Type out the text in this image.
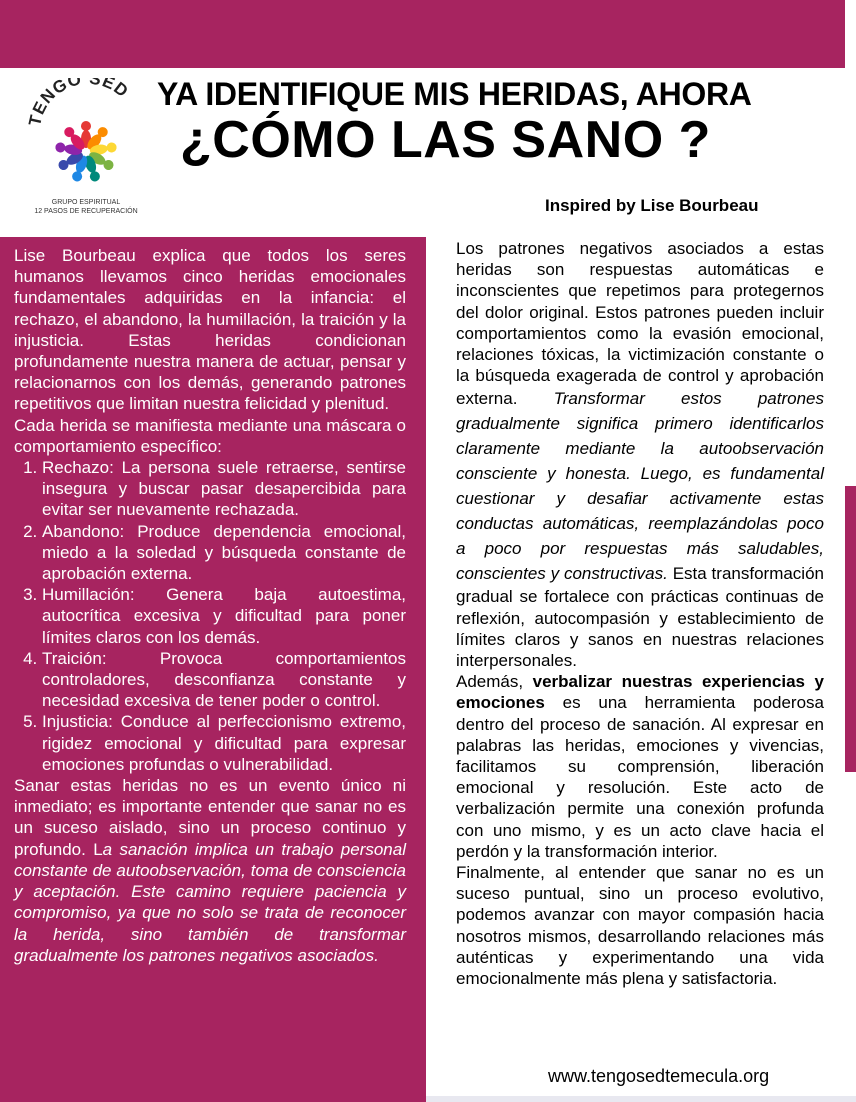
TENGO SED
GRUPO ESPIRITUAL
12 PASOS DE RECUPERACIÓN
YA IDENTIFIQUE MIS HERIDAS, AHORA
¿CÓMO LAS SANO ?
Inspired by Lise Bourbeau

Lise Bourbeau explica que todos los seres humanos llevamos cinco heridas emocionales fundamentales adquiridas en la infancia: el rechazo, el abandono, la humillación, la traición y la injusticia. Estas heridas condicionan profundamente nuestra manera de actuar, pensar y relacionarnos con los demás, generando patrones repetitivos que limitan nuestra felicidad y plenitud.

Cada herida se manifiesta mediante una máscara o comportamiento específico:

1. Rechazo: La persona suele retraerse, sentirse insegura y buscar pasar desapercibida para evitar ser nuevamente rechazada.
2. Abandono: Produce dependencia emocional, miedo a la soledad y búsqueda constante de aprobación externa.
3. Humillación: Genera baja autoestima, autocrítica excesiva y dificultad para poner límites claros con los demás.
4. Traición: Provoca comportamientos controladores, desconfianza constante y necesidad excesiva de tener poder o control.
5. Injusticia: Conduce al perfeccionismo extremo, rigidez emocional y dificultad para expresar emociones profundas o vulnerabilidad.

Sanar estas heridas no es un evento único ni inmediato; es importante entender que sanar no es un suceso aislado, sino un proceso continuo y profundo. La sanación implica un trabajo personal constante de autoobservación, toma de consciencia y aceptación. Este camino requiere paciencia y compromiso, ya que no solo se trata de reconocer la herida, sino también de transformar gradualmente los patrones negativos asociados.

Los patrones negativos asociados a estas heridas son respuestas automáticas e inconscientes que repetimos para protegernos del dolor original. Estos patrones pueden incluir comportamientos como la evasión emocional, relaciones tóxicas, la victimización constante o la búsqueda exagerada de control y aprobación externa. Transformar estos patrones gradualmente significa primero identificarlos claramente mediante la autoobservación consciente y honesta. Luego, es fundamental cuestionar y desafiar activamente estas conductas automáticas, reemplazándolas poco a poco por respuestas más saludables, conscientes y constructivas. Esta transformación gradual se fortalece con prácticas continuas de reflexión, autocompasión y establecimiento de límites claros y sanos en nuestras relaciones interpersonales.

Además, verbalizar nuestras experiencias y emociones es una herramienta poderosa dentro del proceso de sanación. Al expresar en palabras las heridas, emociones y vivencias, facilitamos su comprensión, liberación emocional y resolución. Este acto de verbalización permite una conexión profunda con uno mismo, y es un acto clave hacia el perdón y la transformación interior.

Finalmente, al entender que sanar no es un suceso puntual, sino un proceso evolutivo, podemos avanzar con mayor compasión hacia nosotros mismos, desarrollando relaciones más auténticas y experimentando una vida emocionalmente más plena y satisfactoria.

www.tengosedtemecula.org
